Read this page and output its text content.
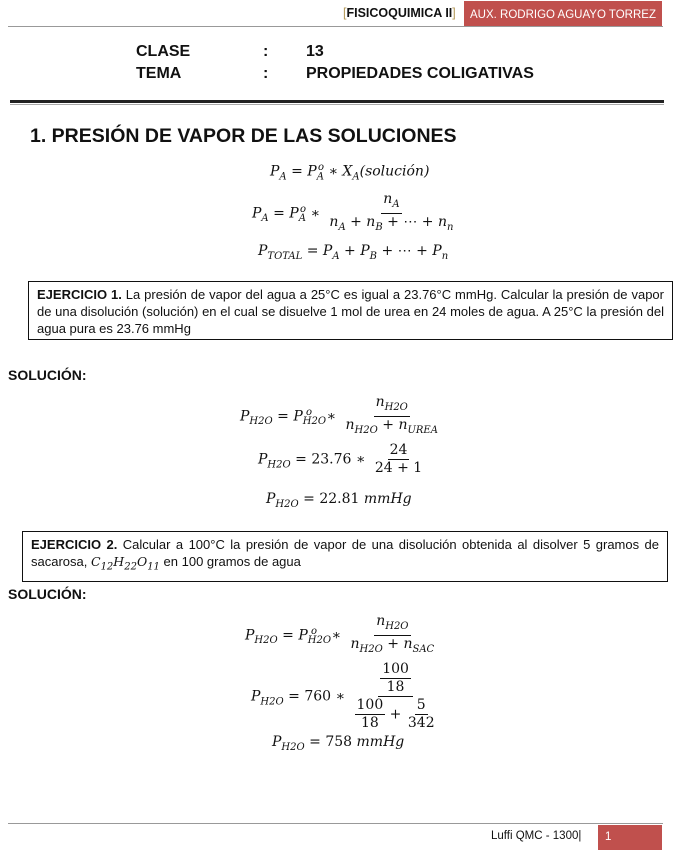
[FISICOQUIMICA II]	AUX. RODRIGO AGUAYO TORREZ
CLASE	: 13
TEMA	: PROPIEDADES COLIGATIVAS
1. PRESIÓN DE VAPOR DE LAS SOLUCIONES
$P_A = P_A^o$ ∗ $X_A(solución)$
$P_A = P_A^o$ ∗ $\frac{n_A}{n_A + n_B + \cdots + n_n}$
$P_{TOTAL} = P_A + P_B$ + ⋯ + $P_n$
EJERCICIO 1. La presión de vapor del agua a 25°C es igual a 23.76°C mmHg. Calcular la presión de vapor de una disolución (solución) en el cual se disuelve 1 mol de urea en 24 moles de agua. A 25°C la presión del agua pura es 23.76 mmHg
SOLUCIÓN:
$P_{H2O} = P_{H2O}^o$ ∗ $\frac{n_{H2O}}{n_{H2O} + n_{UREA}}$
$P_{H2O} = 23.76$ ∗ $\frac{24}{24 + 1}$
$P_{H2O} = 22.81$ mmHg
EJERCICIO 2. Calcular a 100°C la presión de vapor de una disolución obtenida al disolver 5 gramos de sacarosa, $C_{12}H_{22}O_{11}$ en 100 gramos de agua
SOLUCIÓN:
$P_{H2O} = P_{H2O}^o$ ∗ $\frac{n_{H2O}}{n_{H2O} + n_{SAC}}$
$P_{H2O} = 760$ ∗ $\frac{\frac{100}{18}}{\frac{100}{18} + \frac{5}{342}}$
$P_{H2O} = 758$ mmHg
Luffi QMC - 1300|	1
